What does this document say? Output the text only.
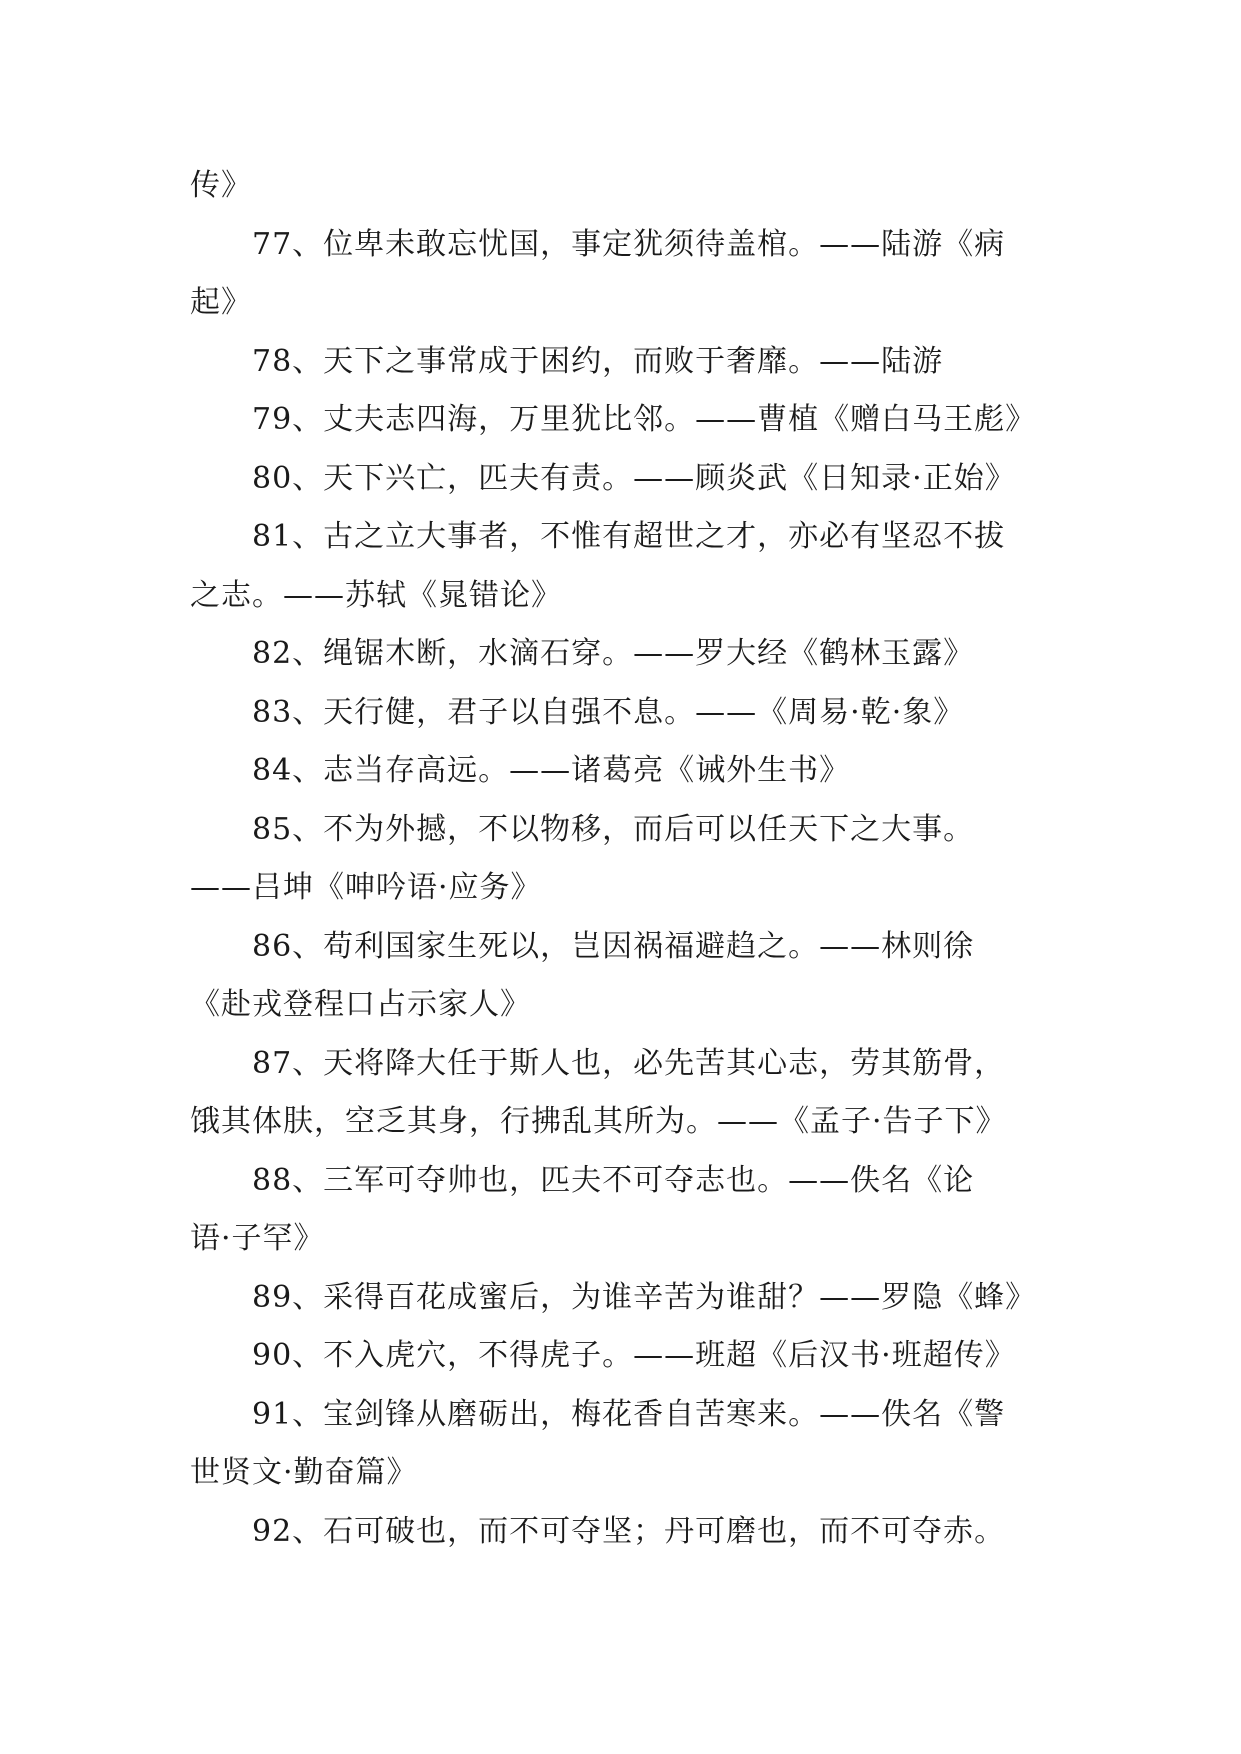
传》
77、位卑未敢忘忧国，事定犹须待盖棺。——陆游《病
起》
78、天下之事常成于困约，而败于奢靡。——陆游
79、丈夫志四海，万里犹比邻。——曹植《赠白马王彪》
80、天下兴亡，匹夫有责。——顾炎武《日知录·正始》
81、古之立大事者，不惟有超世之才，亦必有坚忍不拔
之志。——苏轼《晁错论》
82、绳锯木断，水滴石穿。——罗大经《鹤林玉露》
83、天行健，君子以自强不息。——《周易·乾·象》
84、志当存高远。——诸葛亮《诫外生书》
85、不为外撼，不以物移，而后可以任天下之大事。
——吕坤《呻吟语·应务》
86、苟利国家生死以，岂因祸福避趋之。——林则徐
《赴戎登程口占示家人》
87、天将降大任于斯人也，必先苦其心志，劳其筋骨，
饿其体肤，空乏其身，行拂乱其所为。——《孟子·告子下》
88、三军可夺帅也，匹夫不可夺志也。——佚名《论
语·子罕》
89、采得百花成蜜后，为谁辛苦为谁甜？——罗隐《蜂》
90、不入虎穴，不得虎子。——班超《后汉书·班超传》
91、宝剑锋从磨砺出，梅花香自苦寒来。——佚名《警
世贤文·勤奋篇》
92、石可破也，而不可夺坚；丹可磨也，而不可夺赤。
